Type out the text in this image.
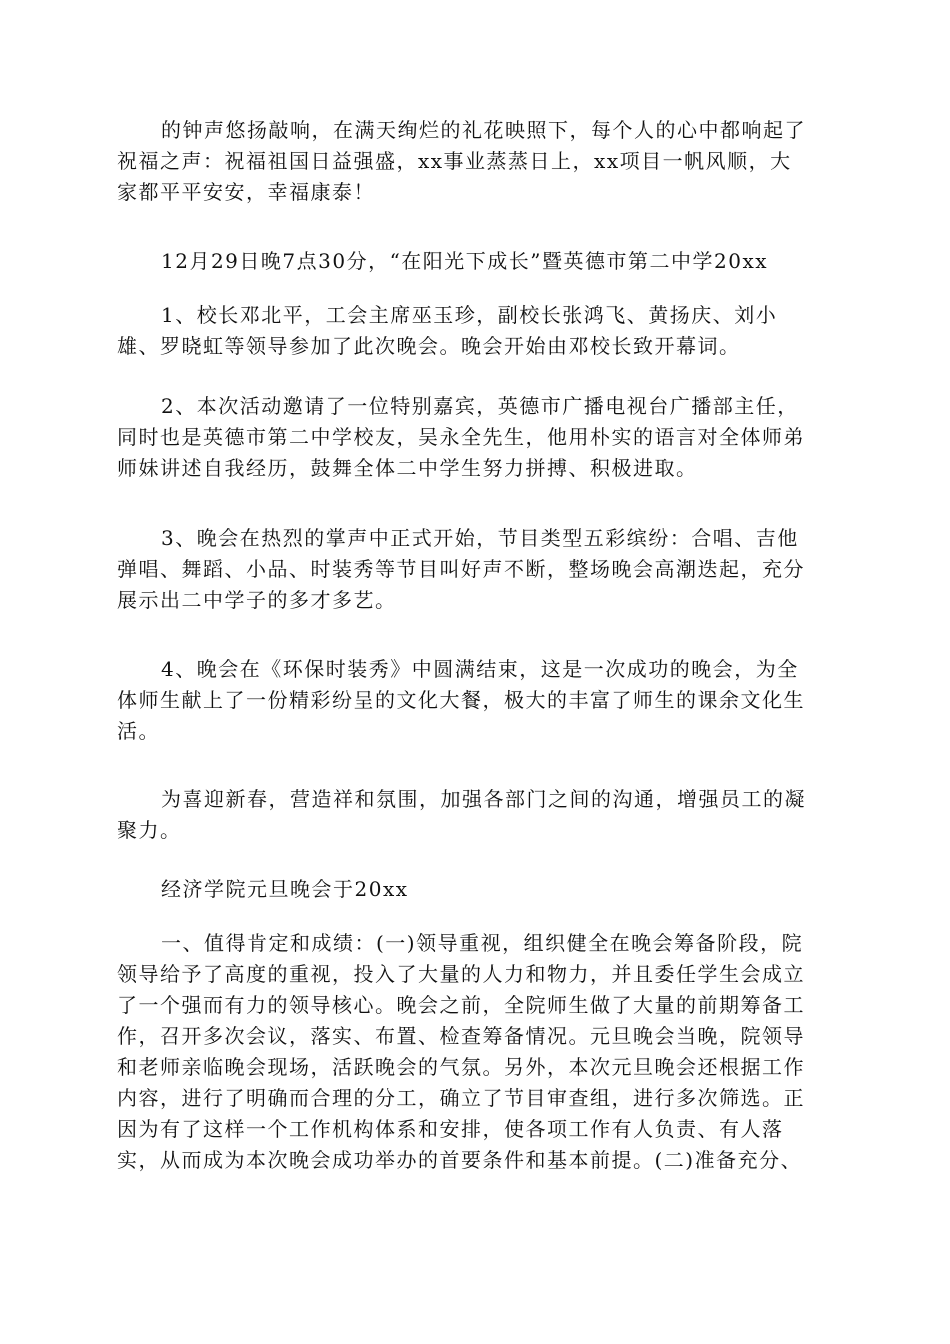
的钟声悠扬敲响，在满天绚烂的礼花映照下，每个人的心中都响起了
祝福之声：祝福祖国日益强盛，xx事业蒸蒸日上，xx项目一帆风顺，大
家都平平安安，幸福康泰！
12月29日晚7点30分，“在阳光下成长”暨英德市第二中学20xx
1、校长邓北平，工会主席巫玉珍，副校长张鸿飞、黄扬庆、刘小
雄、罗晓虹等领导参加了此次晚会。晚会开始由邓校长致开幕词。
2、本次活动邀请了一位特别嘉宾，英德市广播电视台广播部主任，
同时也是英德市第二中学校友，吴永全先生，他用朴实的语言对全体师弟
师妹讲述自我经历，鼓舞全体二中学生努力拼搏、积极进取。
3、晚会在热烈的掌声中正式开始，节目类型五彩缤纷：合唱、吉他
弹唱、舞蹈、小品、时装秀等节目叫好声不断，整场晚会高潮迭起，充分
展示出二中学子的多才多艺。
4、晚会在《环保时装秀》中圆满结束，这是一次成功的晚会，为全
体师生献上了一份精彩纷呈的文化大餐，极大的丰富了师生的课余文化生
活。
为喜迎新春，营造祥和氛围，加强各部门之间的沟通，增强员工的凝
聚力。
经济学院元旦晚会于20xx
一、值得肯定和成绩：(一)领导重视，组织健全在晚会筹备阶段，院
领导给予了高度的重视，投入了大量的人力和物力，并且委任学生会成立
了一个强而有力的领导核心。晚会之前，全院师生做了大量的前期筹备工
作，召开多次会议，落实、布置、检查筹备情况。元旦晚会当晚，院领导
和老师亲临晚会现场，活跃晚会的气氛。另外，本次元旦晚会还根据工作
内容，进行了明确而合理的分工，确立了节目审查组，进行多次筛选。正
因为有了这样一个工作机构体系和安排，使各项工作有人负责、有人落
实，从而成为本次晚会成功举办的首要条件和基本前提。(二)准备充分、
